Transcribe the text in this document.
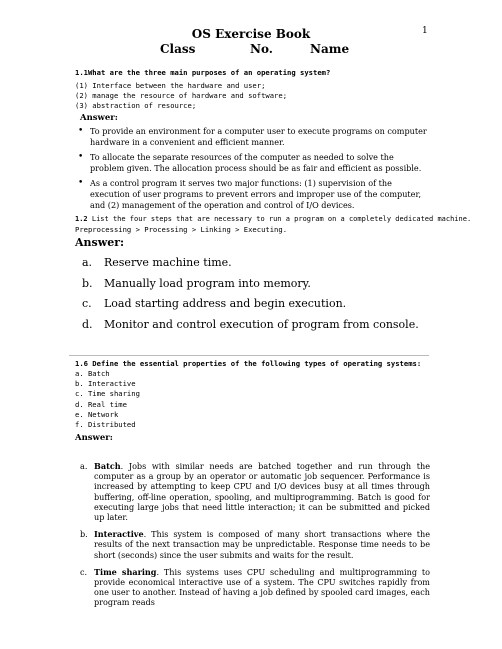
1
OS Exercise Book
Class	No.	Name
1.1What are the three main purposes of an operating system?
(1) Interface between the hardware and user;
(2) manage the resource of hardware and software;
(3) abstraction of resource;
Answer:
• To provide an environment for a computer user to execute programs on computer hardware in a convenient and efficient manner.
• To allocate the separate resources of the computer as needed to solve the problem given. The allocation process should be as fair and efficient as possible.
• As a control program it serves two major functions: (1) supervision of the execution of user programs to prevent errors and improper use of the computer, and (2) management of the operation and control of I/O devices.
1.2 List the four steps that are necessary to run a program on a completely dedicated machine.
Preprocessing > Processing > Linking > Executing.
Answer:
a. Reserve machine time.
b. Manually load program into memory.
c. Load starting address and begin execution.
d. Monitor and control execution of program from console.
1.6 Define the essential properties of the following types of operating systems:
a. Batch
b. Interactive
c. Time sharing
d. Real time
e. Network
f. Distributed
Answer:
a. Batch. Jobs with similar needs are batched together and run through the computer as a group by an operator or automatic job sequencer. Performance is increased by attempting to keep CPU and I/O devices busy at all times through buffering, off-line operation, spooling, and multiprogramming. Batch is good for executing large jobs that need little interaction; it can be submitted and picked up later.
b. Interactive. This system is composed of many short transactions where the results of the next transaction may be unpredictable. Response time needs to be short (seconds) since the user submits and waits for the result.
c. Time sharing. This systems uses CPU scheduling and multiprogramming to provide economical interactive use of a system. The CPU switches rapidly from one user to another. Instead of having a job defined by spooled card images, each program reads
